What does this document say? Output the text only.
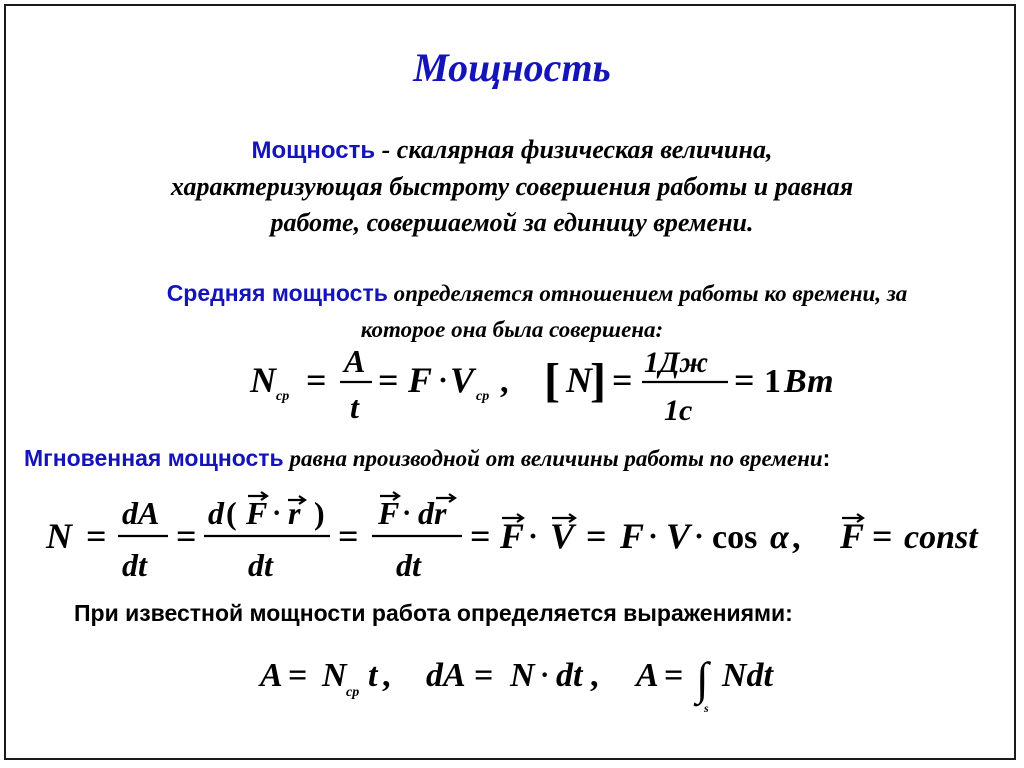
Мощность
Мощность - скалярная физическая величина,
характеризующая быстроту совершения работы и равная
работе, совершаемой за единицу времени.
Средняя мощность определяется отношением работы ко времени, за
которое она была совершена:
N ср = A
t
= F · V ср , [ N
] = 1Дж
1с
= 1 Вт
Мгновенная мощность равна производной от величины работы по времени:
N =
dA
dt
=
d ( F · r )
dt
=
F · dr
dt
= F · V = F · V · cos α , F = const
При известной мощности работа определяется выражениями:
A = N ср t , dA = N · dt , A = ∫
s
Ndt
